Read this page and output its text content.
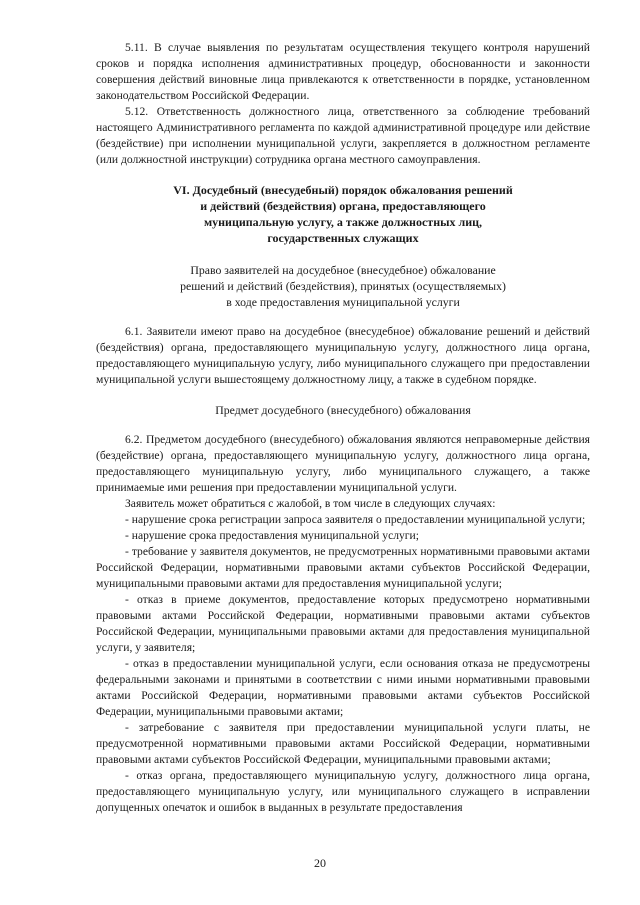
5.11. В случае выявления по результатам осуществления текущего контроля нарушений сроков и порядка исполнения административных процедур, обоснованности и законности совершения действий виновные лица привлекаются к ответственности в порядке, установленном законодательством Российской Федерации.

5.12. Ответственность должностного лица, ответственного за соблюдение требований настоящего Административного регламента по каждой административной процедуре или действие (бездействие) при исполнении муниципальной услуги, закрепляется в должностном регламенте (или должностной инструкции) сотрудника органа местного самоуправления.

VI. Досудебный (внесудебный) порядок обжалования решений

и действий (бездействия) органа, предоставляющего

муниципальную услугу, а также должностных лиц,

государственных служащих

Право заявителей на досудебное (внесудебное) обжалование

решений и действий (бездействия), принятых (осуществляемых)

в ходе предоставления муниципальной услуги

6.1. Заявители имеют право на досудебное (внесудебное) обжалование решений и действий (бездействия) органа, предоставляющего муниципальную услугу, должностного лица органа, предоставляющего муниципальную услугу, либо муниципального служащего при предоставлении муниципальной услуги вышестоящему должностному лицу, а также в судебном порядке.

Предмет досудебного (внесудебного) обжалования

6.2. Предметом досудебного (внесудебного) обжалования являются неправомерные действия (бездействие) органа, предоставляющего муниципальную услугу, должностного лица органа, предоставляющего муниципальную услугу, либо муниципального служащего, а также принимаемые ими решения при предоставлении муниципальной услуги.

Заявитель может обратиться с жалобой, в том числе в следующих случаях:

- нарушение срока регистрации запроса заявителя о предоставлении муниципальной услуги;

- нарушение срока предоставления муниципальной услуги;

- требование у заявителя документов, не предусмотренных нормативными правовыми актами Российской Федерации, нормативными правовыми актами субъектов Российской Федерации, муниципальными правовыми актами для предоставления муниципальной услуги;

- отказ в приеме документов, предоставление которых предусмотрено нормативными правовыми актами Российской Федерации, нормативными правовыми актами субъектов Российской Федерации, муниципальными правовыми актами для предоставления муниципальной услуги, у заявителя;

- отказ в предоставлении муниципальной услуги, если основания отказа не предусмотрены федеральными законами и принятыми в соответствии с ними иными нормативными правовыми актами Российской Федерации, нормативными правовыми актами субъектов Российской Федерации, муниципальными правовыми актами;

- затребование с заявителя при предоставлении муниципальной услуги платы, не предусмотренной нормативными правовыми актами Российской Федерации, нормативными правовыми актами субъектов Российской Федерации, муниципальными правовыми актами;

- отказ органа, предоставляющего муниципальную услугу, должностного лица органа, предоставляющего муниципальную услугу, или муниципального служащего в исправлении допущенных опечаток и ошибок в выданных в результате предоставления

20
